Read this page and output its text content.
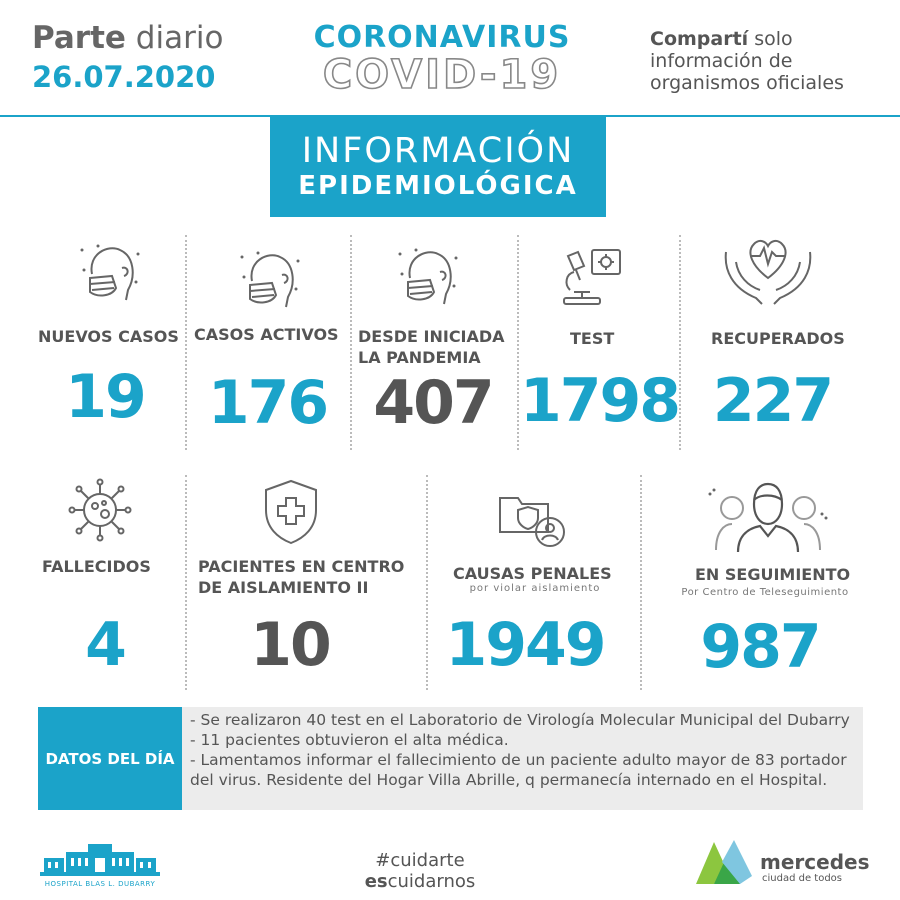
Parte diario
26.07.2020
CORONAVIRUS
COVID-19
Compartí solo
información de
organismos oficiales
INFORMACIÓN
EPIDEMIOLÓGICA
NUEVOS CASOS
19
CASOS ACTIVOS
176
DESDE INICIADA
LA PANDEMIA
407
TEST
1798
RECUPERADOS
227
FALLECIDOS
4
PACIENTES EN CENTRO
DE AISLAMIENTO II
10
CAUSAS PENALES
por violar aislamiento
1949
EN SEGUIMIENTO
Por Centro de Teleseguimiento
987
DATOS DEL DÍA
- Se realizaron 40 test en el Laboratorio de Virología Molecular Municipal del Dubarry
- 11 pacientes obtuvieron el alta médica.
- Lamentamos informar el fallecimiento de un paciente adulto mayor de 83 portador
del virus. Residente del Hogar Villa Abrille, q permanecía internado en el Hospital.
HOSPITAL BLAS L. DUBARRY
#cuidarte
escuidarnos
mercedes
ciudad de todos
